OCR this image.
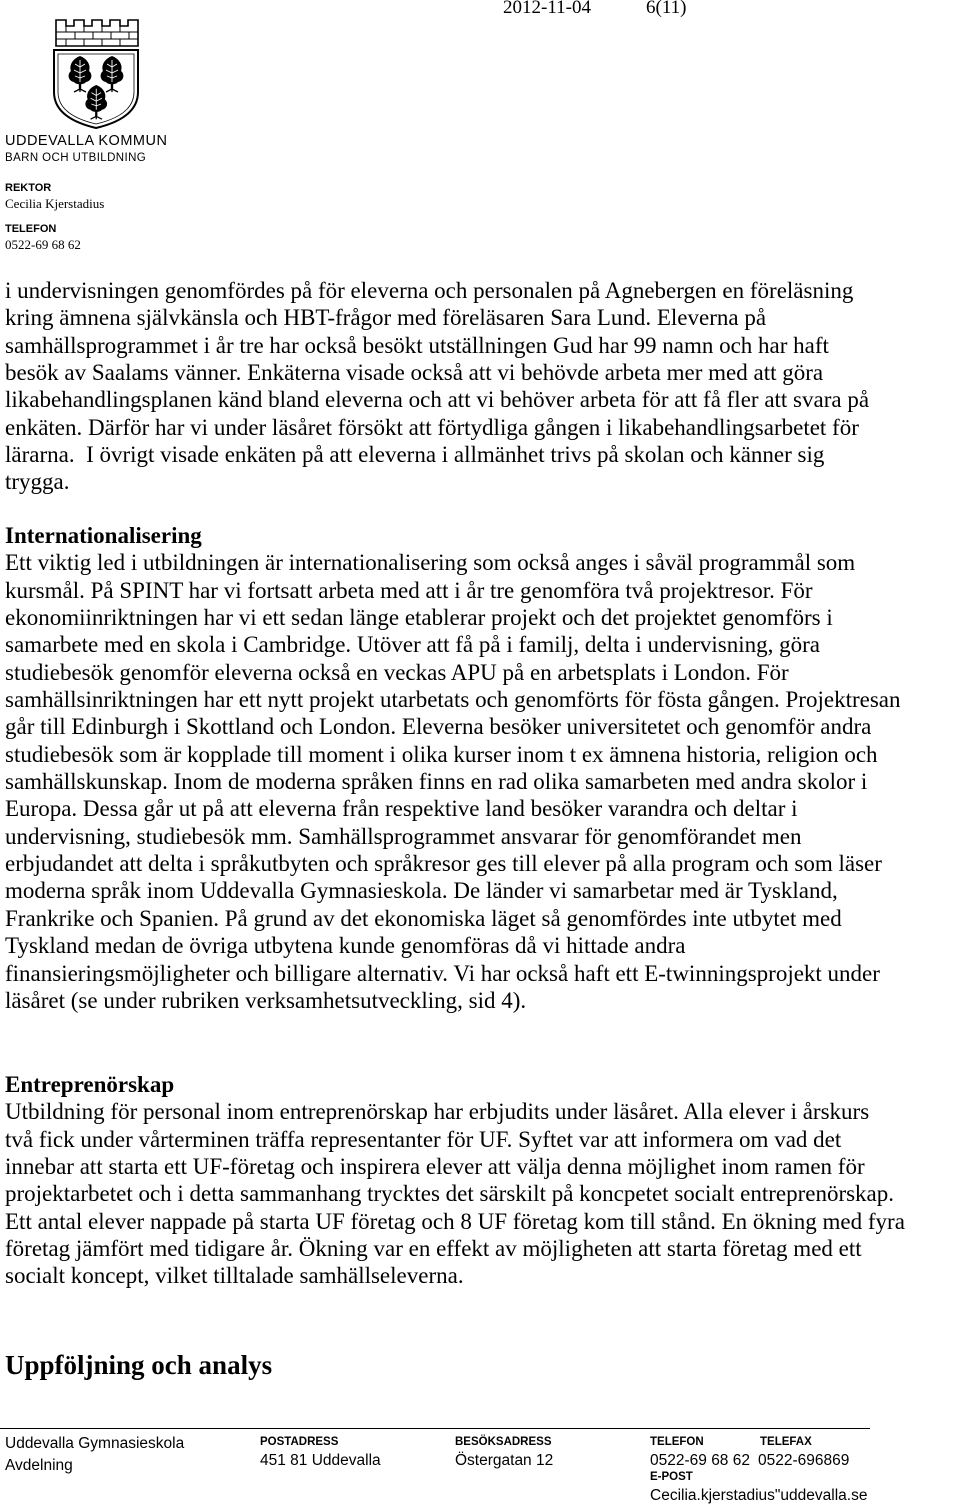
2012-11-04	6(11)
UDDEVALLA KOMMUN
BARN OCH UTBILDNING
REKTOR
Cecilia Kjerstadius
TELEFON
0522-69 68 62
i undervisningen genomfördes på för eleverna och personalen på Agnebergen en föreläsning
kring ämnena självkänsla och HBT-frågor med föreläsaren Sara Lund. Eleverna på
samhällsprogrammet i år tre har också besökt utställningen Gud har 99 namn och har haft
besök av Saalams vänner. Enkäterna visade också att vi behövde arbeta mer med att göra
likabehandlingsplanen känd bland eleverna och att vi behöver arbeta för att få fler att svara på
enkäten. Därför har vi under läsåret försökt att förtydliga gången i likabehandlingsarbetet för
lärarna.  I övrigt visade enkäten på att eleverna i allmänhet trivs på skolan och känner sig
trygga.
Internationalisering
Ett viktig led i utbildningen är internationalisering som också anges i såväl programmål som
kursmål. På SPINT har vi fortsatt arbeta med att i år tre genomföra två projektresor. För
ekonomiinriktningen har vi ett sedan länge etablerar projekt och det projektet genomförs i
samarbete med en skola i Cambridge. Utöver att få på i familj, delta i undervisning, göra
studiebesök genomför eleverna också en veckas APU på en arbetsplats i London. För
samhällsinriktningen har ett nytt projekt utarbetats och genomförts för fösta gången. Projektresan
går till Edinburgh i Skottland och London. Eleverna besöker universitetet och genomför andra
studiebesök som är kopplade till moment i olika kurser inom t ex ämnena historia, religion och
samhällskunskap. Inom de moderna språken finns en rad olika samarbeten med andra skolor i
Europa. Dessa går ut på att eleverna från respektive land besöker varandra och deltar i
undervisning, studiebesök mm. Samhällsprogrammet ansvarar för genomförandet men
erbjudandet att delta i språkutbyten och språkresor ges till elever på alla program och som läser
moderna språk inom Uddevalla Gymnasieskola. De länder vi samarbetar med är Tyskland,
Frankrike och Spanien. På grund av det ekonomiska läget så genomfördes inte utbytet med
Tyskland medan de övriga utbytena kunde genomföras då vi hittade andra
finansieringsmöjligheter och billigare alternativ. Vi har också haft ett E-twinningsprojekt under
läsåret (se under rubriken verksamhetsutveckling, sid 4).
Entreprenörskap
Utbildning för personal inom entreprenörskap har erbjudits under läsåret. Alla elever i årskurs
två fick under vårterminen träffa representanter för UF. Syftet var att informera om vad det
innebar att starta ett UF-företag och inspirera elever att välja denna möjlighet inom ramen för
projektarbetet och i detta sammanhang trycktes det särskilt på koncpetet socialt entreprenörskap.
Ett antal elever nappade på starta UF företag och 8 UF företag kom till stånd. En ökning med fyra
företag jämfört med tidigare år. Ökning var en effekt av möjligheten att starta företag med ett
socialt koncept, vilket tilltalade samhällseleverna.
Uppföljning och analys
Uddevalla Gymnasieskola
Avdelning
POSTADRESS
451 81 Uddevalla
BESÖKSADRESS
Östergatan 12
TELEFON
0522-69 68 62
TELEFAX
0522-696869
E-POST
Cecilia.kjerstadius"uddevalla.se
